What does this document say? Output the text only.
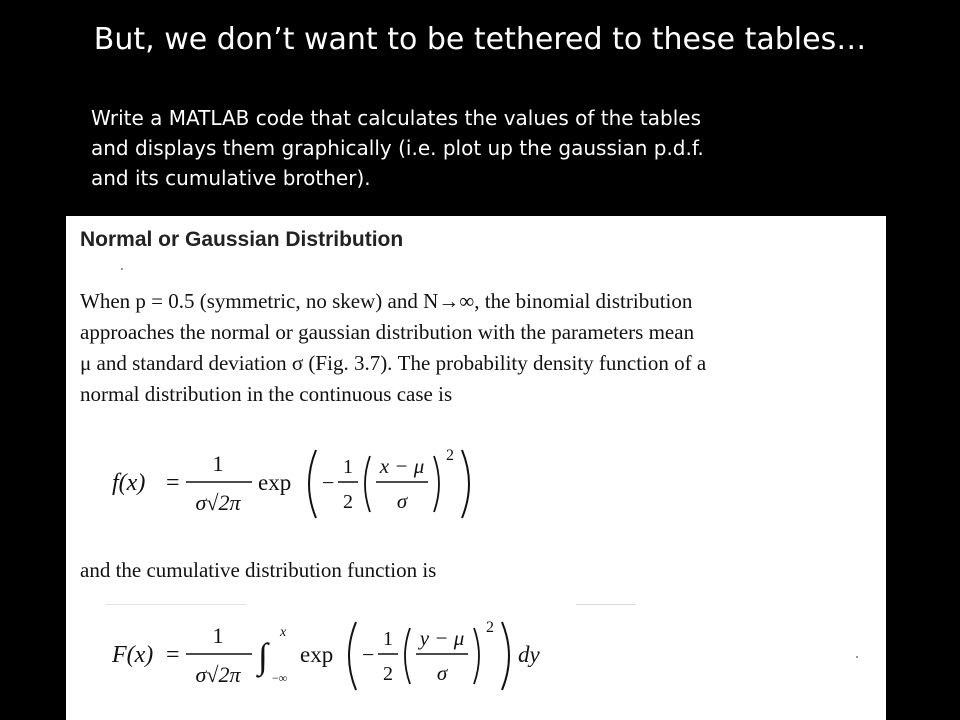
But, we don’t want to be tethered to these tables…
Write a MATLAB code that calculates the values of the tables
and displays them graphically (i.e. plot up the gaussian p.d.f.
and its cumulative brother).
Normal or Gaussian Distribution
When p = 0.5 (symmetric, no skew) and N→∞, the binomial distribution
approaches the normal or gaussian distribution with the parameters mean
μ and standard deviation σ (Fig. 3.7). The probability density function of a
normal distribution in the continuous case is
f(x) =
1
σ√2π
exp −
1
2
x − μ
σ
2
F(x) =
1
σ√2π ∫
x
−∞
exp −
1
2
y − μ
σ
2
dy
and the cumulative distribution function is
